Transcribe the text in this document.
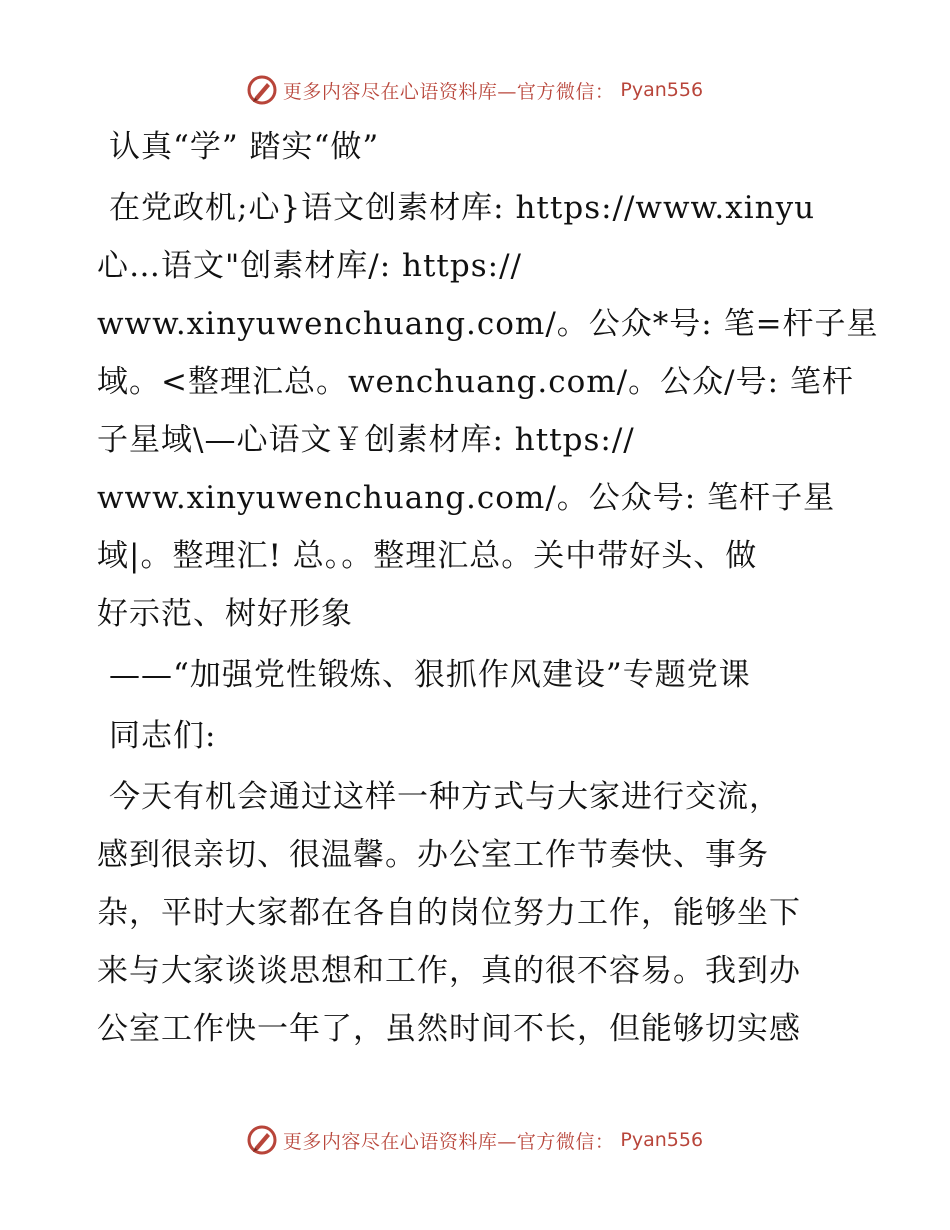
更多内容尽在心语资料库—官方微信： Pyan556
认真“学” 踏实“做”
在党政机;心}语文创素材库: https://www.xinyu
心…语文"创素材库/: https://
www.xinyuwenchuang.com/。公众*号: 笔=杆子星
域。<整理汇总。wenchuang.com/。公众/号: 笔杆
子星域\—心语文￥创素材库: https://
www.xinyuwenchuang.com/。公众号: 笔杆子星
域|。整理汇! 总。。整理汇总。关中带好头、做
好示范、树好形象
——“加强党性锻炼、狠抓作风建设”专题党课
同志们:
今天有机会通过这样一种方式与大家进行交流，
感到很亲切、很温馨。办公室工作节奏快、事务
杂，平时大家都在各自的岗位努力工作，能够坐下
来与大家谈谈思想和工作，真的很不容易。我到办
公室工作快一年了，虽然时间不长，但能够切实感
更多内容尽在心语资料库—官方微信： Pyan556
